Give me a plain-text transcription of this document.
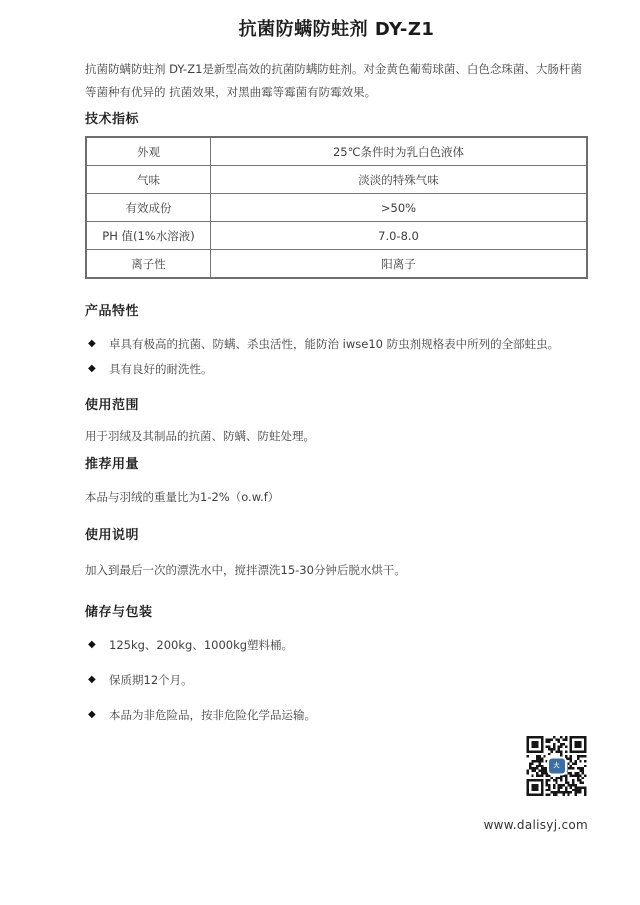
抗菌防螨防蛀剂 DY-Z1

抗菌防螨防蛀剂 DY-Z1是新型高效的抗菌防螨防蛀剂。对金黄色葡萄球菌、白色念珠菌、大肠杆菌等菌种有优异的 抗菌效果，对黑曲霉等霉菌有防霉效果。

技术指标
外观	25℃条件时为乳白色液体
气味	淡淡的特殊气味
有效成份	>50%
PH 值(1%水溶液)	7.0-8.0
离子性	阳离子
产品特性
◆ 卓具有极高的抗菌、防螨、杀虫活性，能防治 iwse10 防虫剂规格表中所列的全部蛀虫。
◆ 具有良好的耐洗性。
使用范围

用于羽绒及其制品的抗菌、防螨、防蛀处理。

推荐用量

本品与羽绒的重量比为1-2%（o.w.f）

使用说明

加入到最后一次的漂洗水中，搅拌漂洗15-30分钟后脱水烘干。

储存与包装
◆ 125kg、200kg、1000kg塑料桶。
◆ 保质期12个月。
◆ 本品为非危险品，按非危险化学品运输。
大

www.dalisyj.com
